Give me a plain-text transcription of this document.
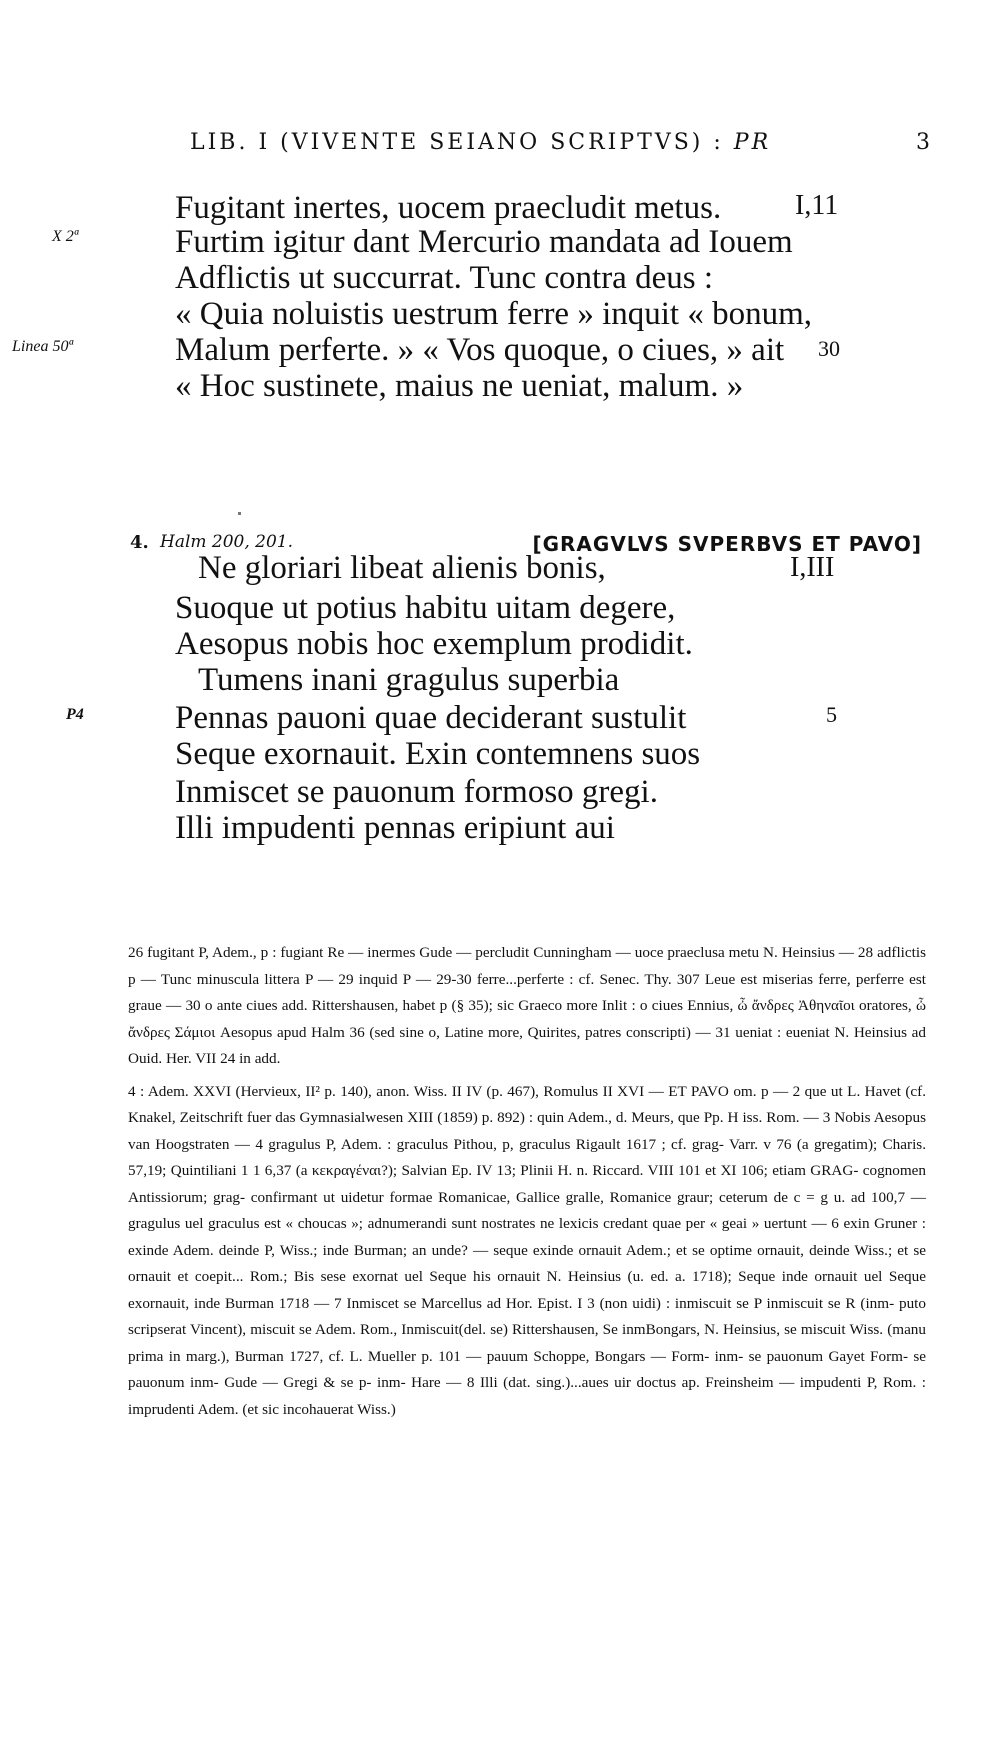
LIB. I (VIVENTE SEIANO SCRIPTVS) : PR	3
Fugitant inertes, uocem praecludit metus.	I,11
X 2ª	Furtim igitur dant Mercurio mandata ad Iouem
Adflictis ut succurrat. Tunc contra deus :
« Quia noluistis uestrum ferre » inquit « bonum,
Linea 50ª	Malum perferte. » « Vos quoque, o ciues, » ait	30
« Hoc sustinete, maius ne ueniat, malum. »
4. Halm 200, 201.	[GRAGVLVS SVPERBVS ET PAVO]
Ne gloriari libeat alienis bonis,	I,III
Suoque ut potius habitu uitam degere,
Aesopus nobis hoc exemplum prodidit.
Tumens inani gragulus superbia
P4	Pennas pauoni quae deciderant sustulit	5
Seque exornauit. Exin contemnens suos
Inmiscet se pauonum formoso gregi.
Illi impudenti pennas eripiunt aui

26 fugitant P, Adem., p : fugiant Re — inermes Gude — percludit Cunningham — uoce praeclusa metu N. Heinsius — 28 adflictis p — Tunc minuscula littera P — 29 inquid P — 29-30 ferre...perferte : cf. Senec. Thy. 307 Leue est miserias ferre, perferre est graue — 30 o ante ciues add. Rittershausen, habet p (§ 35); sic Graeco more Inlit : o ciues Ennius, ὦ ἄνδρες Ἀθηναῖοι oratores, ὦ ἄνδρες Σάμιοι Aesopus apud Halm 36 (sed sine o, Latine more, Quirites, patres conscripti) — 31 ueniat : eueniat N. Heinsius ad Ouid. Her. VII 24 in add.

4 : Adem. XXVI (Hervieux, II² p. 140), anon. Wiss. II IV (p. 467), Romulus II XVI — ET PAVO om. p — 2 que ut L. Havet (cf. Knakel, Zeitschrift fuer das Gymnasialwesen XIII (1859) p. 892) : quin Adem., d. Meurs, que Pp. H iss. Rom. — 3 Nobis Aesopus van Hoogstraten — 4 gragulus P, Adem. : graculus Pithou, p, graculus Rigault 1617 ; cf. grag- Varr. v 76 (a gregatim); Charis. 57,19; Quintiliani 1 1 6,37 (a κεκραγέναι?); Salvian Ep. IV 13; Plinii H. n. Riccard. VIII 101 et XI 106; etiam GRAG- cognomen Antissiorum; grag- confirmant ut uidetur formae Romanicae, Gallice gralle, Romanice graur; ceterum de c = g u. ad 100,7 — gragulus uel graculus est « choucas »; adnumerandi sunt nostrates ne lexicis credant quae per « geai » uertunt — 6 exin Gruner : exinde Adem. deinde P, Wiss.; inde Burman; an unde? — seque exinde ornauit Adem.; et se optime ornauit, deinde Wiss.; et se ornauit et coepit... Rom.; Bis sese exornat uel Seque his ornauit N. Heinsius (u. ed. a. 1718); Seque inde ornauit uel Seque exornauit, inde Burman 1718 — 7 Inmiscet se Marcellus ad Hor. Epist. I 3 (non uidi) : inmiscuit se P inmiscuit se R (inm- puto scripserat Vincent), miscuit se Adem. Rom., Inmiscuit(del. se) Rittershausen, Se inmBongars, N. Heinsius, se miscuit Wiss. (manu prima in marg.), Burman 1727, cf. L. Mueller p. 101 — pauum Schoppe, Bongars — Form- inm- se pauonum Gayet Form- se pauonum inm- Gude — Gregi & se p- inm- Hare — 8 Illi (dat. sing.)...aues uir doctus ap. Freinsheim — impudenti P, Rom. : imprudenti Adem. (et sic incohauerat Wiss.)
